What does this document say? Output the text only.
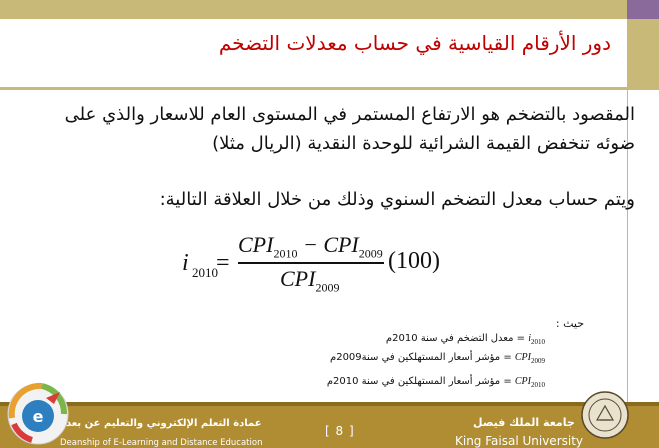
دور الأرقام القياسية في حساب معدلات التضخم
المقصود بالتضخم هو الارتفاع المستمر في المستوى العام للاسعار والذي على
ضوئه تنخفض القيمة الشرائية للوحدة النقدية (الريال مثلا)
ويتم حساب معدل التضخم السنوي وذلك من خلال العلاقة التالية:
i 2010
=
$CPI_{2010} - CPI_{2009}$
$CPI_{2009}$
(100)
حيث :
$i_{2010}$ = معدل التضخم في سنة 2010م
$CPI_{2009}$ = مؤشر أسعار المستهلكين في سنة2009م
$CPI_{2010}$ = مؤشر أسعار المستهلكين في سنة 2010م
e عمادة التعلم الإلكتروني والتعليم عن بعد
Deanship of E-Learning and Distance Education
[ 8 ]
جامعة الملك فيصل
King Faisal University
